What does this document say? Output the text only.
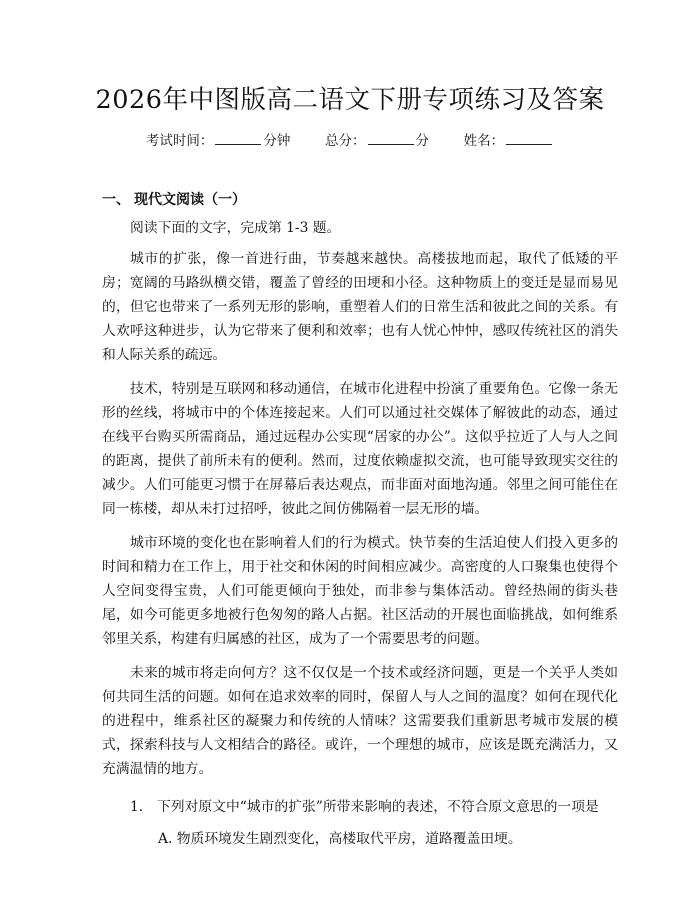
2026年中图版高二语文下册专项练习及答案
考试时间：	分钟	总分：	分	姓名：
一、 现代文阅读（一）

阅读下面的文字，完成第 1-3 题。

城市的扩张，像一首进行曲，节奏越来越快。高楼拔地而起，取代了低矮的平房；宽阔的马路纵横交错，覆盖了曾经的田埂和小径。这种物质上的变迁是显而易见的，但它也带来了一系列无形的影响，重塑着人们的日常生活和彼此之间的关系。有人欢呼这种进步，认为它带来了便利和效率；也有人忧心忡忡，感叹传统社区的消失和人际关系的疏远。

技术，特别是互联网和移动通信，在城市化进程中扮演了重要角色。它像一条无形的丝线，将城市中的个体连接起来。人们可以通过社交媒体了解彼此的动态，通过在线平台购买所需商品，通过远程办公实现“居家的办公”。这似乎拉近了人与人之间的距离，提供了前所未有的便利。然而，过度依赖虚拟交流，也可能导致现实交往的减少。人们可能更习惯于在屏幕后表达观点，而非面对面地沟通。邻里之间可能住在同一栋楼，却从未打过招呼，彼此之间仿佛隔着一层无形的墙。

城市环境的变化也在影响着人们的行为模式。快节奏的生活迫使人们投入更多的时间和精力在工作上，用于社交和休闲的时间相应减少。高密度的人口聚集也使得个人空间变得宝贵，人们可能更倾向于独处，而非参与集体活动。曾经热闹的街头巷尾，如今可能更多地被行色匆匆的路人占据。社区活动的开展也面临挑战，如何维系邻里关系，构建有归属感的社区，成为了一个需要思考的问题。

未来的城市将走向何方？这不仅仅是一个技术或经济问题，更是一个关乎人类如何共同生活的问题。如何在追求效率的同时，保留人与人之间的温度？如何在现代化的进程中，维系社区的凝聚力和传统的人情味？这需要我们重新思考城市发展的模式，探索科技与人文相结合的路径。或许，一个理想的城市，应该是既充满活力，又充满温情的地方。

1. 下列对原文中“城市的扩张”所带来影响的表述，不符合原文意思的一项是
A. 物质环境发生剧烈变化，高楼取代平房，道路覆盖田埂。
